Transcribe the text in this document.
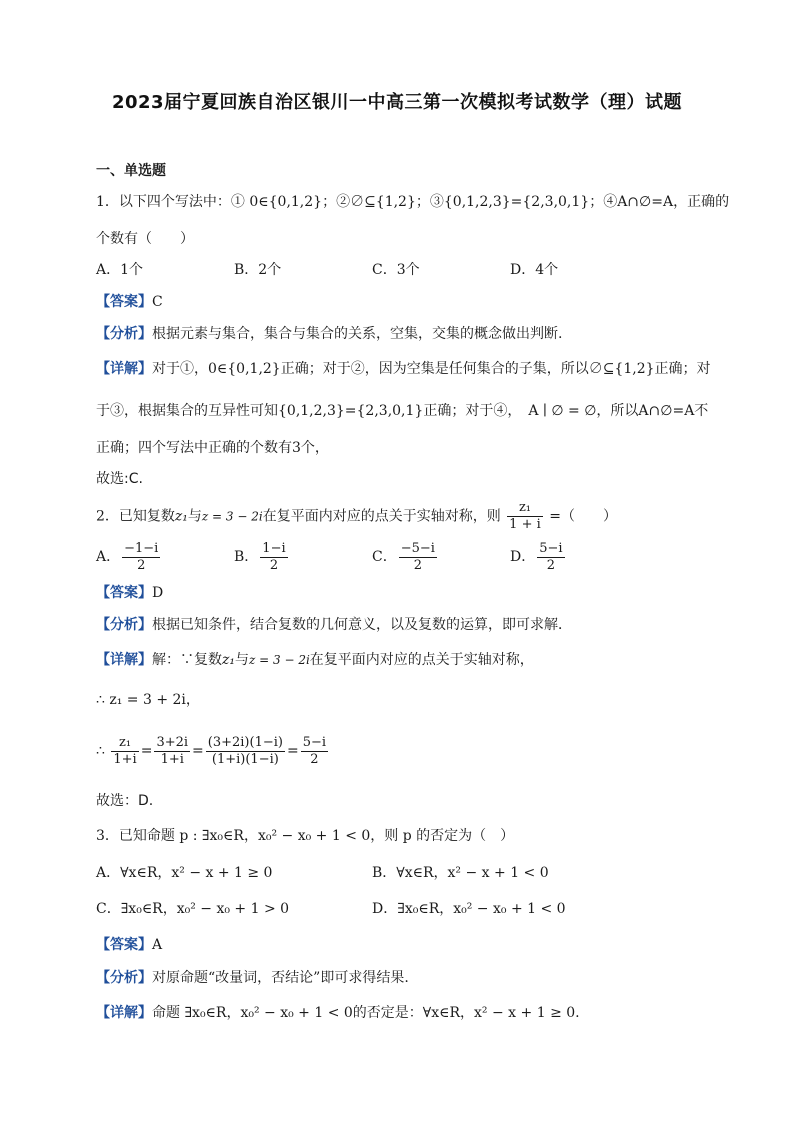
2023届宁夏回族自治区银川一中高三第一次模拟考试数学（理）试题
一、单选题
1．以下四个写法中：① 0∈{0,1,2}；②∅⊆{1,2}；③{0,1,2,3}={2,3,0,1}；④A∩∅=A，正确的
个数有（　　）
A．1个	B．2个	C．3个	D．4个
【答案】C
【分析】根据元素与集合，集合与集合的关系，空集，交集的概念做出判断.
【详解】对于①，0∈{0,1,2}正确；对于②，因为空集是任何集合的子集，所以∅⊆{1,2}正确；对
于③，根据集合的互异性可知{0,1,2,3}={2,3,0,1}正确；对于④，　A ∣ ∅ = ∅，所以A∩∅=A不
正确；四个写法中正确的个数有3个，
故选:C.
2．已知复数z₁与z = 3 − 2i在复平面内对应的点关于实轴对称，则 $\frac{\text{z₁}}{1 + i}$ =（　　）
A． $\frac{-1-i}{2}$	B． $\frac{1-i}{2}$	C． $\frac{-5-i}{2}$	D． $\frac{5-i}{2}$
【答案】D
【分析】根据已知条件，结合复数的几何意义，以及复数的运算，即可求解．
【详解】解：∵复数z₁与z = 3 − 2i在复平面内对应的点关于实轴对称，
∴ z₁ = 3 + 2i，
∴ $\frac{\text{z₁}}{1+i} = \frac{3+2i}{1+i} = \frac{(3+2i)(1-i)}{(1+i)(1-i)} = \frac{5-i}{2}$
故选：D.
3．已知命题 p : ∃x₀∈R，x₀² − x₀ + 1 < 0，则 p 的否定为（　）
A．∀x∈R，x² − x + 1 ≥ 0	B．∀x∈R，x² − x + 1 < 0
C．∃x₀∈R，x₀² − x₀ + 1 > 0	D．∃x₀∈R，x₀² − x₀ + 1 < 0
【答案】A
【分析】对原命题“改量词，否结论”即可求得结果.
【详解】命题 ∃x₀∈R，x₀² − x₀ + 1 < 0的否定是：∀x∈R，x² − x + 1 ≥ 0.
